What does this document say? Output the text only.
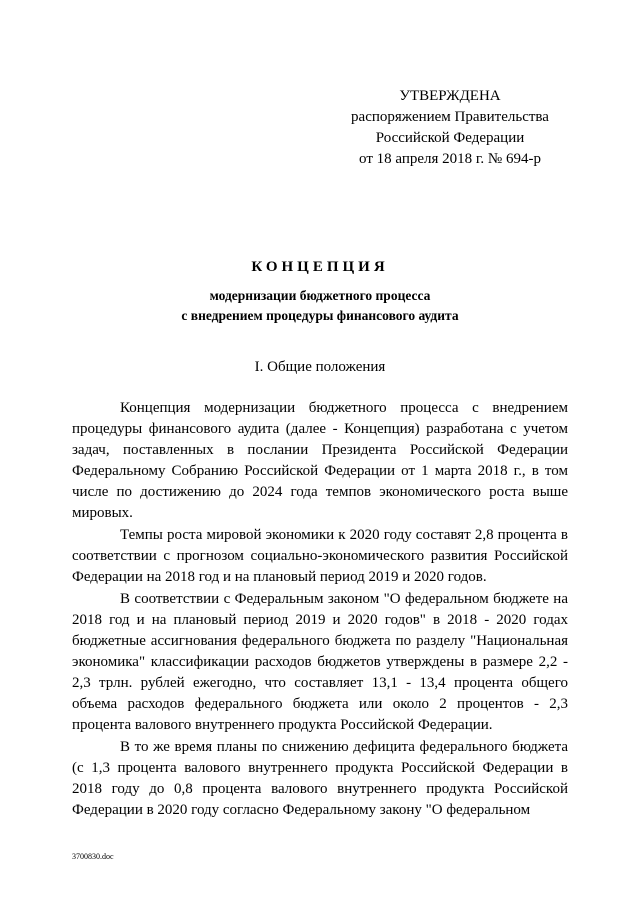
УТВЕРЖДЕНА
распоряжением Правительства
Российской Федерации
от 18 апреля 2018 г. № 694-р
КОНЦЕПЦИЯ
модернизации бюджетного процесса
с внедрением процедуры финансового аудита
I. Общие положения

Концепция модернизации бюджетного процесса с внедрением процедуры финансового аудита (далее - Концепция) разработана с учетом задач, поставленных в послании Президента Российской Федерации Федеральному Собранию Российской Федерации от 1 марта 2018 г., в том числе по достижению до 2024 года темпов экономического роста выше мировых.

Темпы роста мировой экономики к 2020 году составят 2,8 процента в соответствии с прогнозом социально-экономического развития Российской Федерации на 2018 год и на плановый период 2019 и 2020 годов.

В соответствии с Федеральным законом "О федеральном бюджете на 2018 год и на плановый период 2019 и 2020 годов" в 2018 - 2020 годах бюджетные ассигнования федерального бюджета по разделу "Национальная экономика" классификации расходов бюджетов утверждены в размере 2,2 - 2,3 трлн. рублей ежегодно, что составляет 13,1 - 13,4 процента общего объема расходов федерального бюджета или около 2 процентов - 2,3 процента валового внутреннего продукта Российской Федерации.

В то же время планы по снижению дефицита федерального бюджета (с 1,3 процента валового внутреннего продукта Российской Федерации в 2018 году до 0,8 процента валового внутреннего продукта Российской Федерации в 2020 году согласно Федеральному закону "О федеральном

3700830.doc
